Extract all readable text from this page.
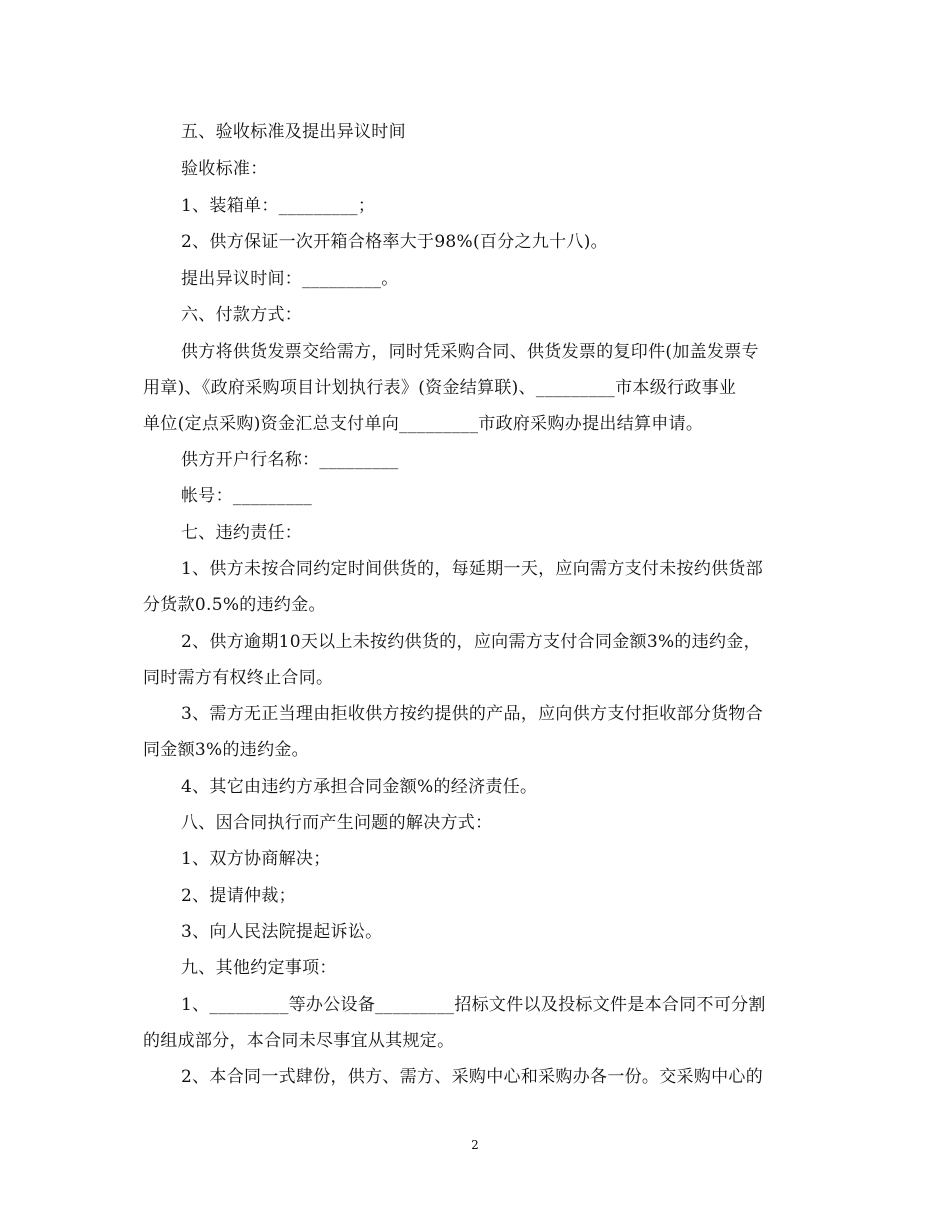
五、验收标准及提出异议时间
验收标准：
1、装箱单：_________；
2、供方保证一次开箱合格率大于98%(百分之九十八)。
提出异议时间：_________。
六、付款方式：
供方将供货发票交给需方，同时凭采购合同、供货发票的复印件(加盖发票专
用章)、《政府采购项目计划执行表》(资金结算联)、_________市本级行政事业
单位(定点采购)资金汇总支付单向_________市政府采购办提出结算申请。
供方开户行名称：_________
帐号：_________
七、违约责任：
1、供方未按合同约定时间供货的，每延期一天，应向需方支付未按约供货部
分货款0.5%的违约金。
2、供方逾期10天以上未按约供货的，应向需方支付合同金额3%的违约金，
同时需方有权终止合同。
3、需方无正当理由拒收供方按约提供的产品，应向供方支付拒收部分货物合
同金额3%的违约金。
4、其它由违约方承担合同金额%的经济责任。
八、因合同执行而产生问题的解决方式：
1、双方协商解决；
2、提请仲裁；
3、向人民法院提起诉讼。
九、其他约定事项：
1、_________等办公设备_________招标文件以及投标文件是本合同不可分割
的组成部分，本合同未尽事宜从其规定。
2、本合同一式肆份，供方、需方、采购中心和采购办各一份。交采购中心的
2
